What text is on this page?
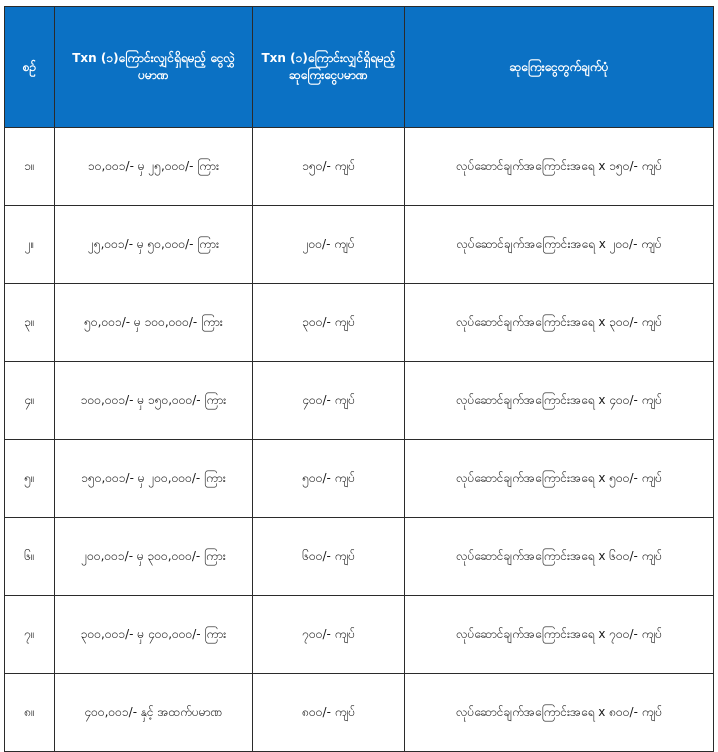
စဉ်	Txn (၁)ကြောင်းလျှင်ရှိရမည့် ငွေလွှဲပမာဏ	Txn (၁)ကြောင်းလျှင်ရှိရမည့် ဆုကြေးငွေပမာဏ	ဆုကြေးငွေတွက်ချက်ပုံ
၁။	၁၀,၀၀၁/- မှ ၂၅,၀၀၀/- ကြား	၁၅၀/- ကျပ်	လုပ်ဆောင်ချက်အကြောင်းအရေ x ၁၅၀/- ကျပ်
၂။	၂၅,၀၀၁/- မှ ၅၀,၀၀၀/- ကြား	၂၀၀/- ကျပ်	လုပ်ဆောင်ချက်အကြောင်းအရေ x ၂၀၀/- ကျပ်
၃။	၅၀,၀၀၁/- မှ ၁၀၀,၀၀၀/- ကြား	၃၀၀/- ကျပ်	လုပ်ဆောင်ချက်အကြောင်းအရေ x ၃၀၀/- ကျပ်
၄။	၁၀၀,၀၀၁/- မှ ၁၅၀,၀၀၀/- ကြား	၄၀၀/- ကျပ်	လုပ်ဆောင်ချက်အကြောင်းအရေ x ၄၀၀/- ကျပ်
၅။	၁၅၀,၀၀၁/- မှ ၂၀၀,၀၀၀/- ကြား	၅၀၀/- ကျပ်	လုပ်ဆောင်ချက်အကြောင်းအရေ x ၅၀၀/- ကျပ်
၆။	၂၀၀,၀၀၁/- မှ ၃၀၀,၀၀၀/- ကြား	၆၀၀/- ကျပ်	လုပ်ဆောင်ချက်အကြောင်းအရေ x ၆၀၀/- ကျပ်
၇။	၃၀၀,၀၀၁/- မှ ၄၀၀,၀၀၀/- ကြား	၇၀၀/- ကျပ်	လုပ်ဆောင်ချက်အကြောင်းအရေ x ၇၀၀/- ကျပ်
၈။	၄၀၀,၀၀၁/- နှင့် အထက်ပမာဏ	၈၀၀/- ကျပ်	လုပ်ဆောင်ချက်အကြောင်းအရေ x ၈၀၀/- ကျပ်
